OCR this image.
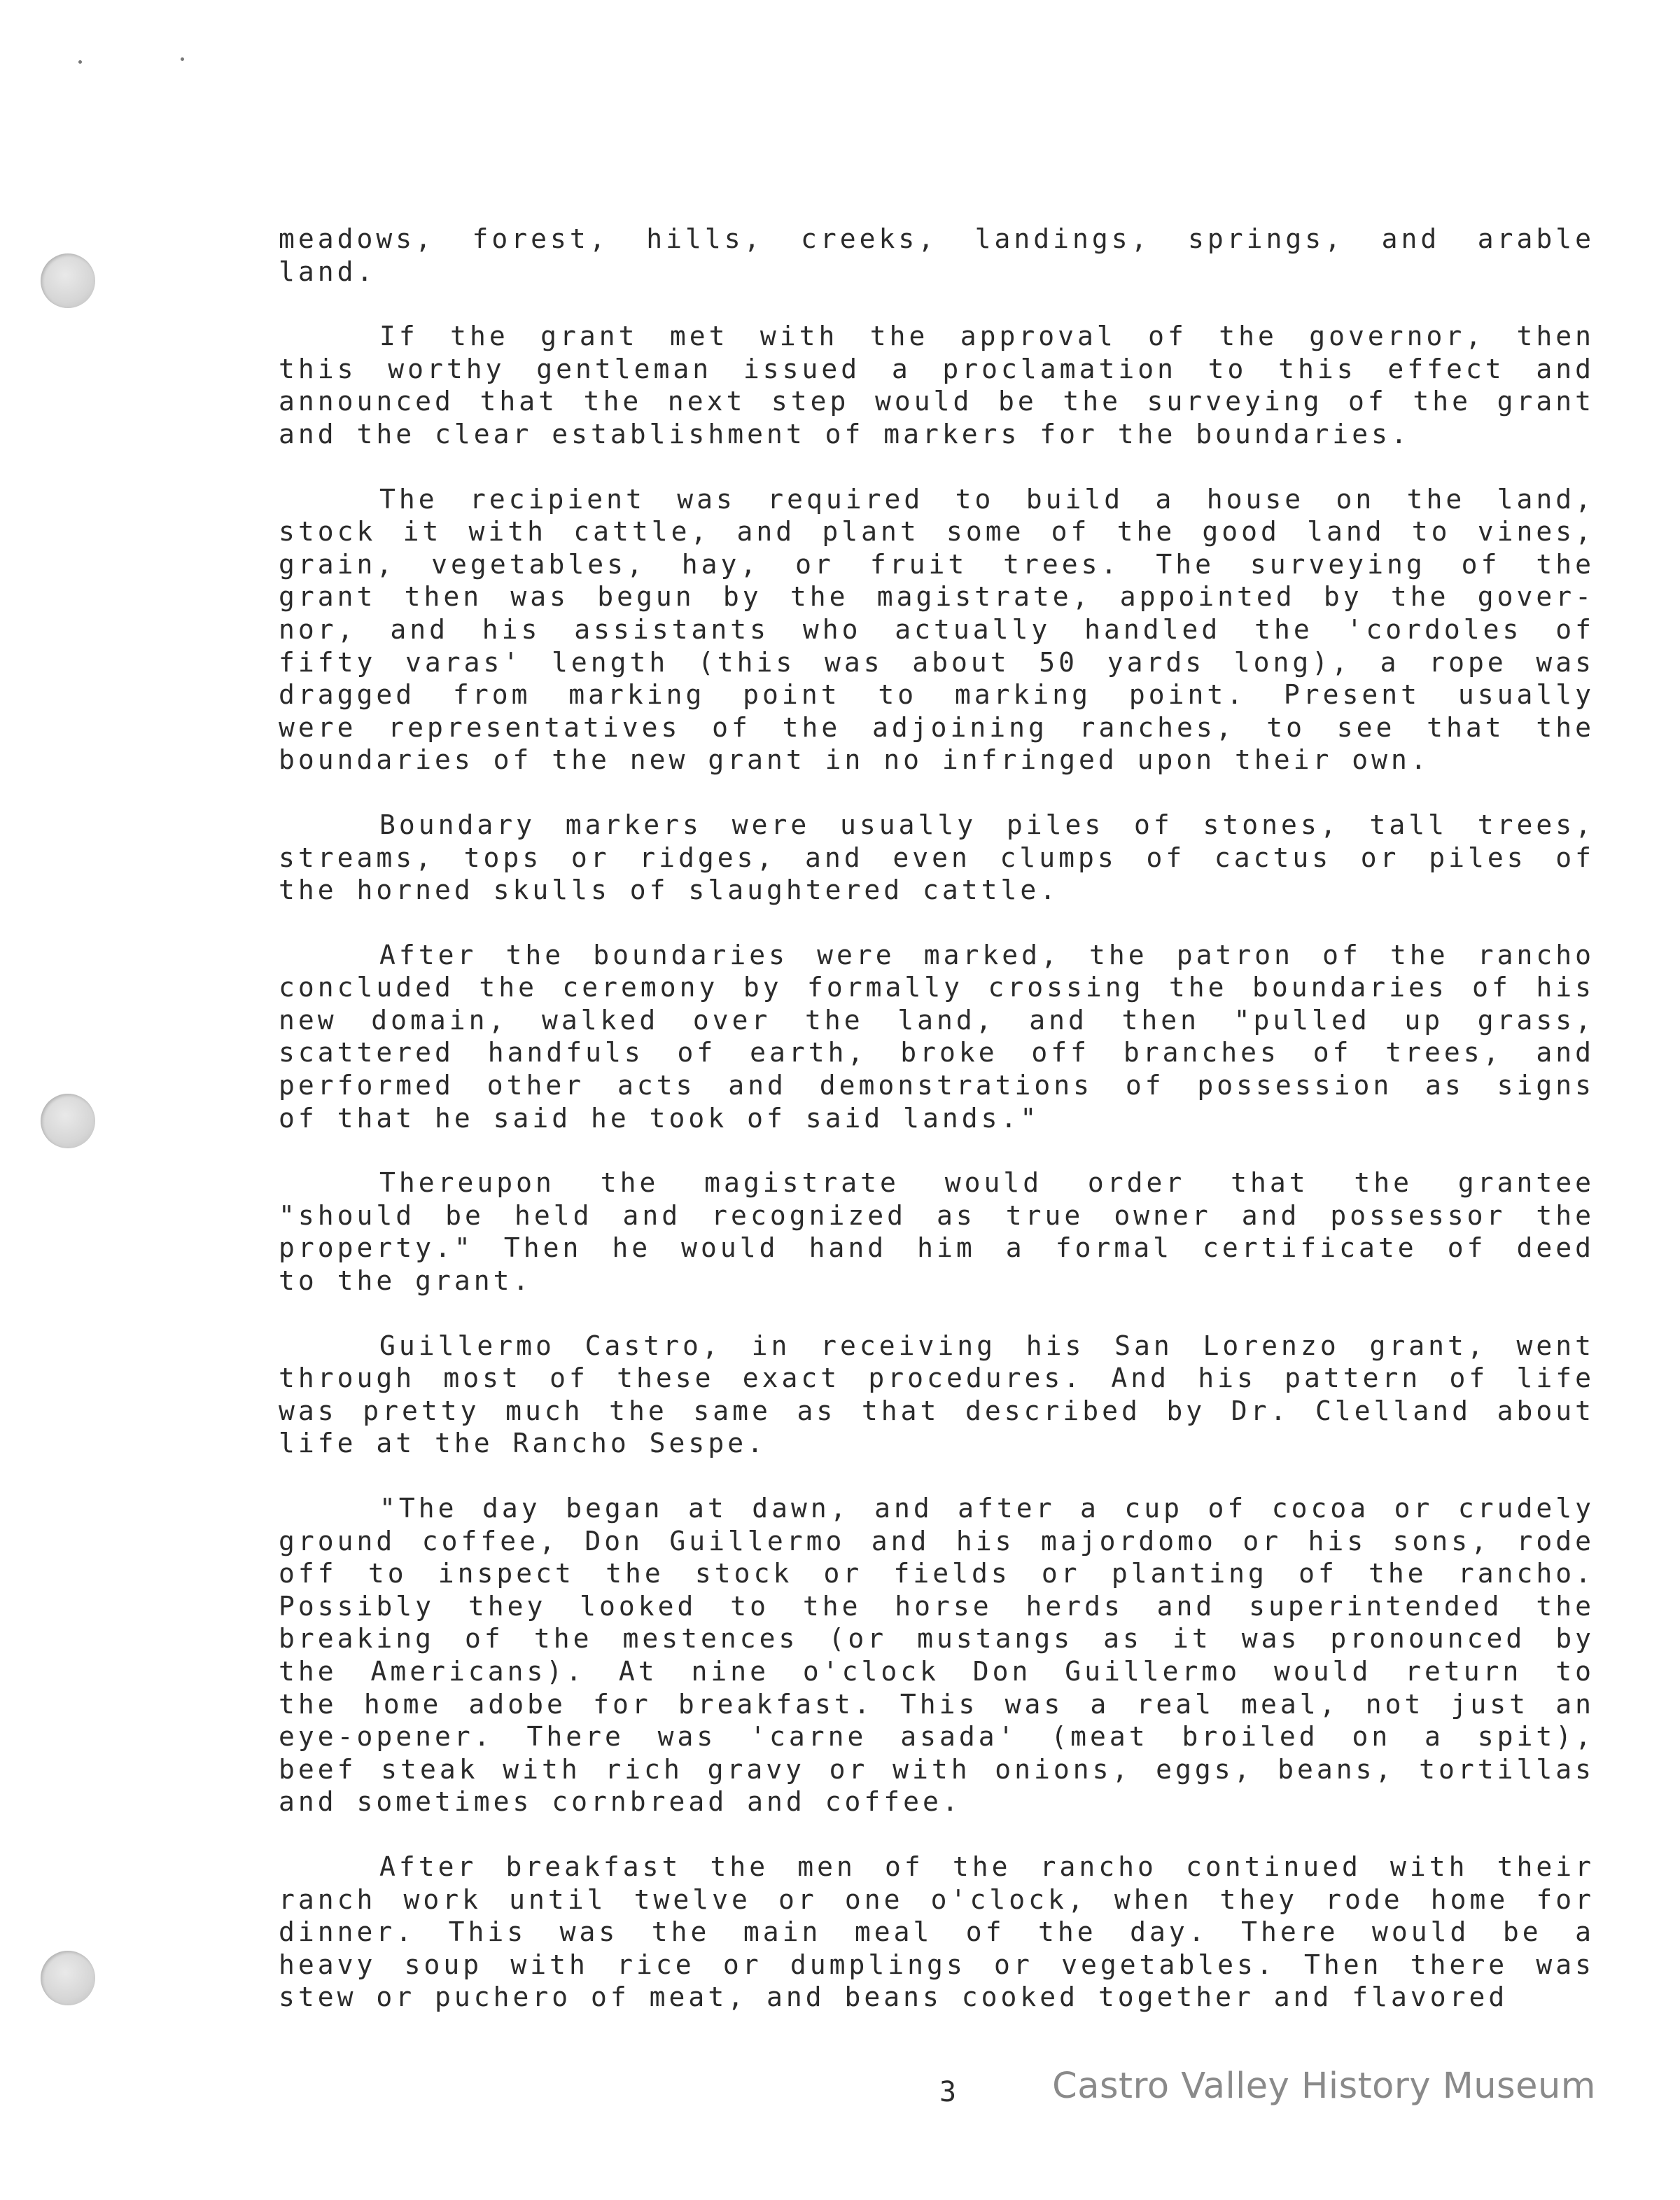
meadows, forest, hills, creeks, landings, springs, and arable
land.
If the grant met with the approval of the governor, then
this worthy gentleman issued a proclamation to this effect and
announced that the next step would be the surveying of the grant
and the clear establishment of markers for the boundaries.
The recipient was required to build a house on the land,
stock it with cattle, and plant some of the good land to vines,
grain, vegetables, hay, or fruit trees. The surveying of the
grant then was begun by the magistrate, appointed by the gover-
nor, and his assistants who actually handled the 'cordoles of
fifty varas' length (this was about 50 yards long), a rope was
dragged from marking point to marking point. Present usually
were representatives of the adjoining ranches, to see that the
boundaries of the new grant in no infringed upon their own.
Boundary markers were usually piles of stones, tall trees,
streams, tops or ridges, and even clumps of cactus or piles of
the horned skulls of slaughtered cattle.
After the boundaries were marked, the patron of the rancho
concluded the ceremony by formally crossing the boundaries of his
new domain, walked over the land, and then "pulled up grass,
scattered handfuls of earth, broke off branches of trees, and
performed other acts and demonstrations of possession as signs
of that he said he took of said lands."
Thereupon the magistrate would order that the grantee
"should be held and recognized as true owner and possessor the
property." Then he would hand him a formal certificate of deed
to the grant.
Guillermo Castro, in receiving his San Lorenzo grant, went
through most of these exact procedures. And his pattern of life
was pretty much the same as that described by Dr. Clelland about
life at the Rancho Sespe.
"The day began at dawn, and after a cup of cocoa or crudely
ground coffee, Don Guillermo and his majordomo or his sons, rode
off to inspect the stock or fields or planting of the rancho.
Possibly they looked to the horse herds and superintended the
breaking of the mestences (or mustangs as it was pronounced by
the Americans). At nine o'clock Don Guillermo would return to
the home adobe for breakfast. This was a real meal, not just an
eye-opener. There was 'carne asada' (meat broiled on a spit),
beef steak with rich gravy or with onions, eggs, beans, tortillas
and sometimes cornbread and coffee.
After breakfast the men of the rancho continued with their
ranch work until twelve or one o'clock, when they rode home for
dinner. This was the main meal of the day. There would be a
heavy soup with rice or dumplings or vegetables. Then there was
stew or puchero of meat, and beans cooked together and flavored
3	Castro Valley History Museum
